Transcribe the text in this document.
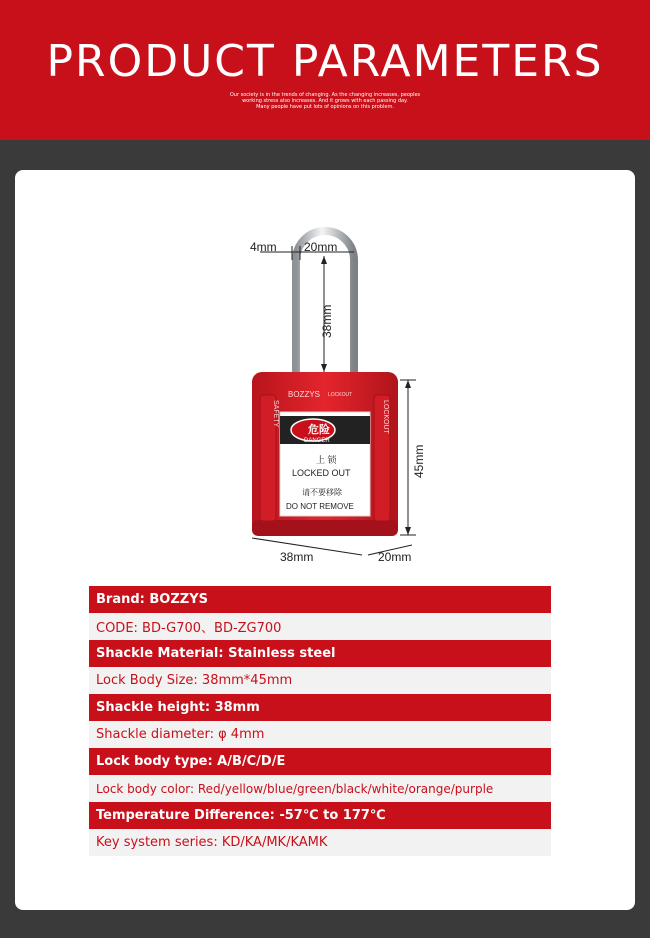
PRODUCT PARAMETERS
Our society is in the trends of changing. As the changing increases, peoples
working stress also increases. And it grows with each passing day.
Many people have put lots of opinions on this problem.
危险
DANGER
上 锁
LOCKED OUT
请不要移除
DO NOT REMOVE
BOZZYS LOCKOUT
SAFETY	LOCKOUT
4mm 20mm
38mm
45mm
38mm	20mm
Brand: BOZZYS
CODE: BD-G700、BD-ZG700
Shackle Material: Stainless steel
Lock Body Size: 38mm*45mm
Shackle height: 38mm
Shackle diameter: φ 4mm
Lock body type: A/B/C/D/E
Lock body color: Red/yellow/blue/green/black/white/orange/purple
Temperature Difference: -57℃ to 177℃
Key system series: KD/KA/MK/KAMK
